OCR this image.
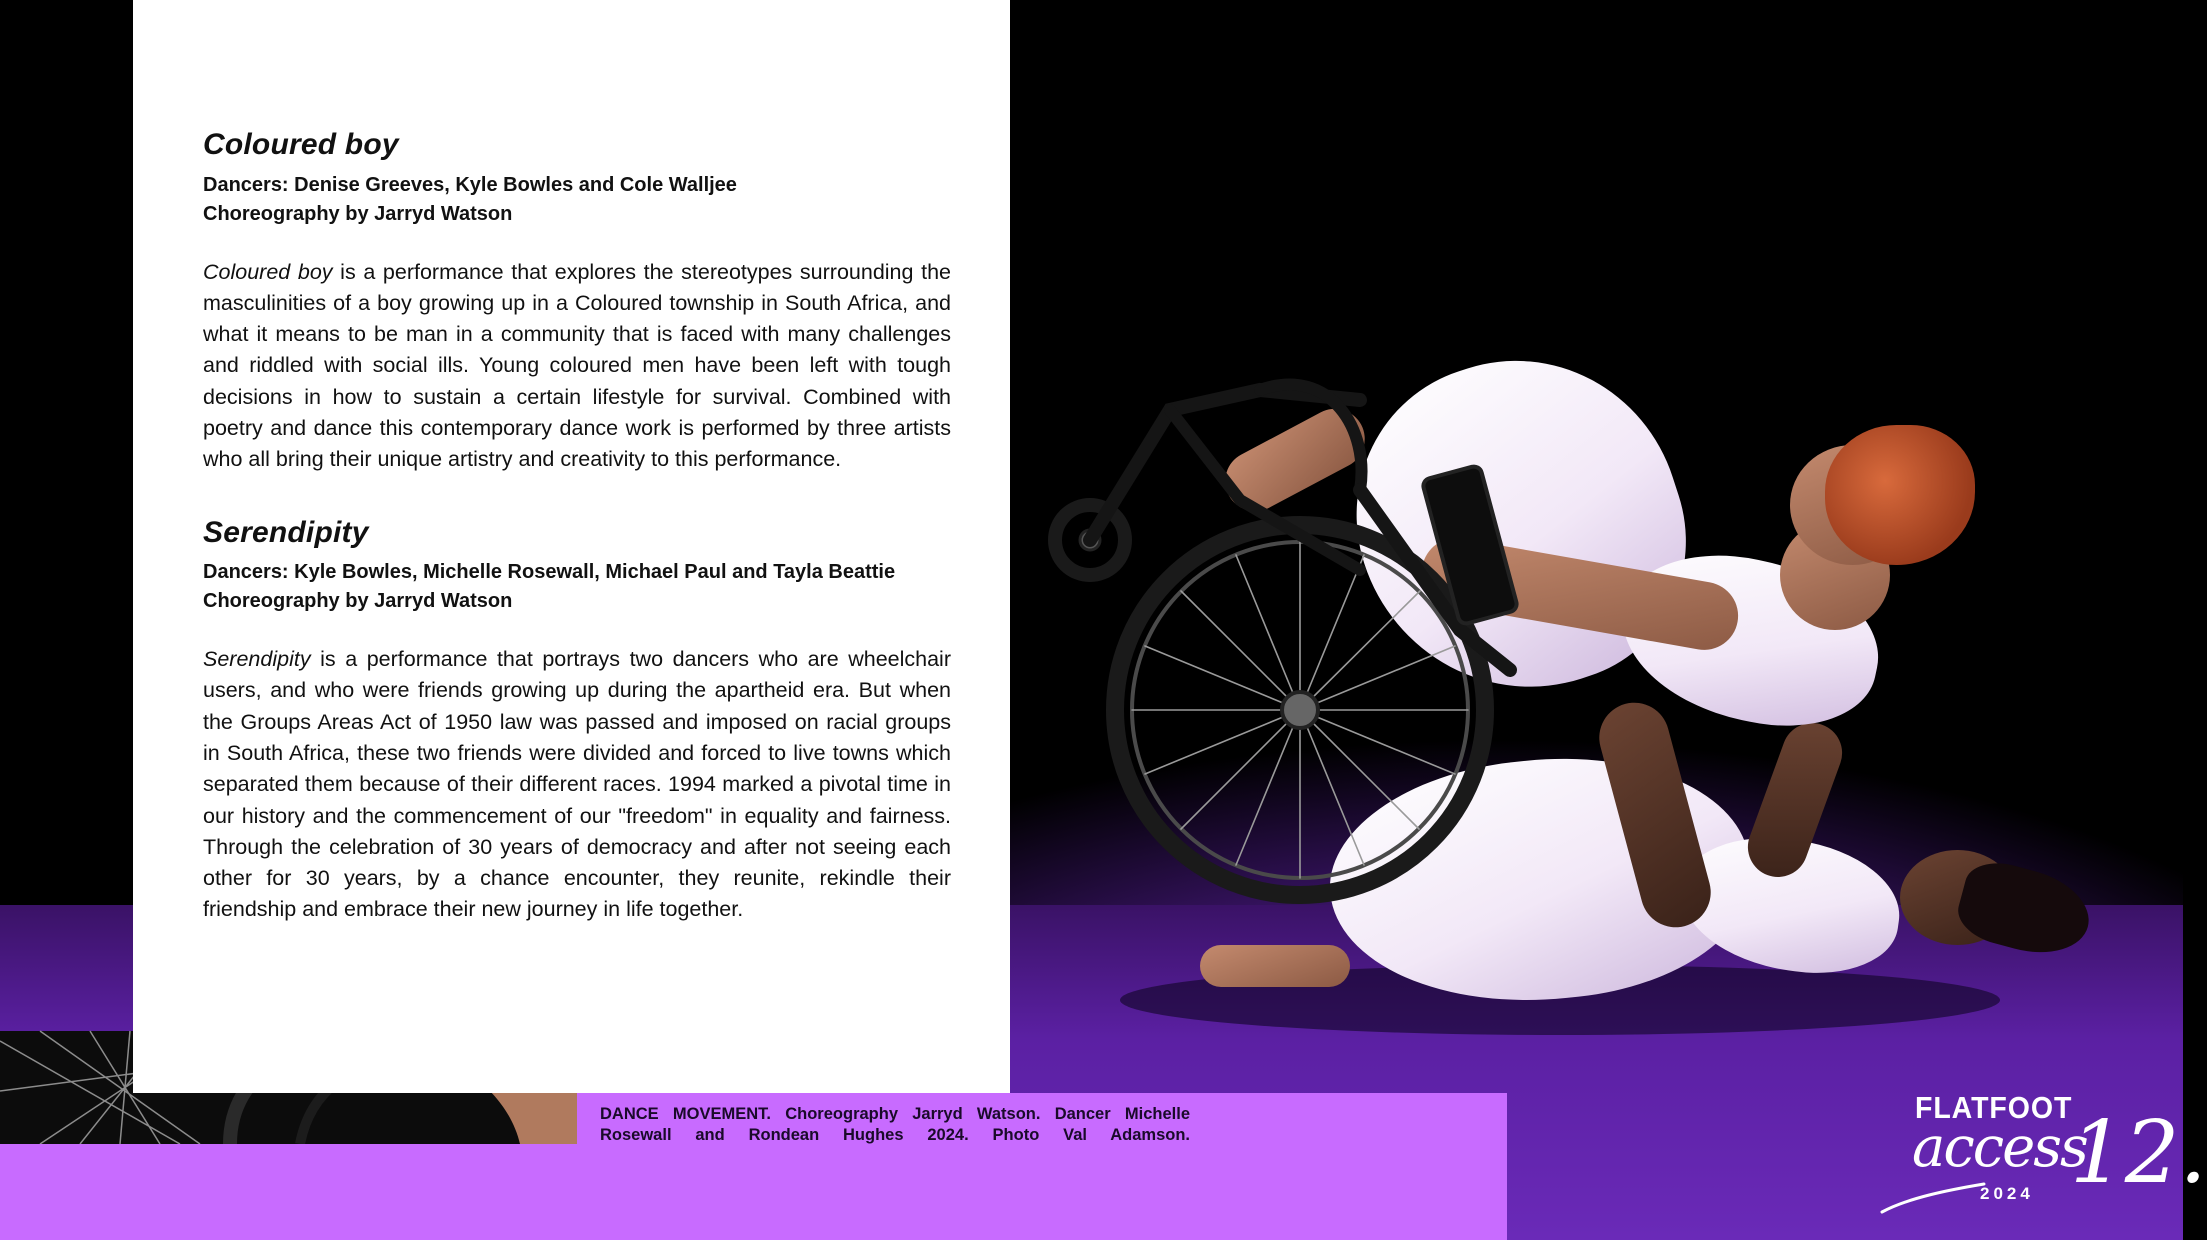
Coloured boy

Dancers: Denise Greeves, Kyle Bowles and Cole Walljee

Choreography by Jarryd Watson

Coloured boy is a performance that explores the stereotypes surrounding the masculinities of a boy growing up in a Coloured township in South Africa, and what it means to be man in a community that is faced with many challenges and riddled with social ills. Young coloured men have been left with tough decisions in how to sustain a certain lifestyle for survival. Combined with poetry and dance this contemporary dance work is performed by three artists who all bring their unique artistry and creativity to this performance.

Serendipity

Dancers: Kyle Bowles, Michelle Rosewall, Michael Paul and Tayla Beattie

Choreography by Jarryd Watson

Serendipity is a performance that portrays two dancers who are wheelchair users, and who were friends growing up during the apartheid era. But when the Groups Areas Act of 1950 law was passed and imposed on racial groups in South Africa, these two friends were divided and forced to live towns which separated them because of their different races. 1994 marked a pivotal time in our history and the commencement of our "freedom" in equality and fairness. Through the celebration of 30 years of democracy and after not seeing each other for 30 years, by a chance encounter, they reunite, rekindle their friendship and embrace their new journey in life together.

DANCE MOVEMENT. Choreography Jarryd Watson. Dancer Michelle Rosewall and Rondean Hughes 2024. Photo Val Adamson.
FLATFOOT
access
2024 12.
